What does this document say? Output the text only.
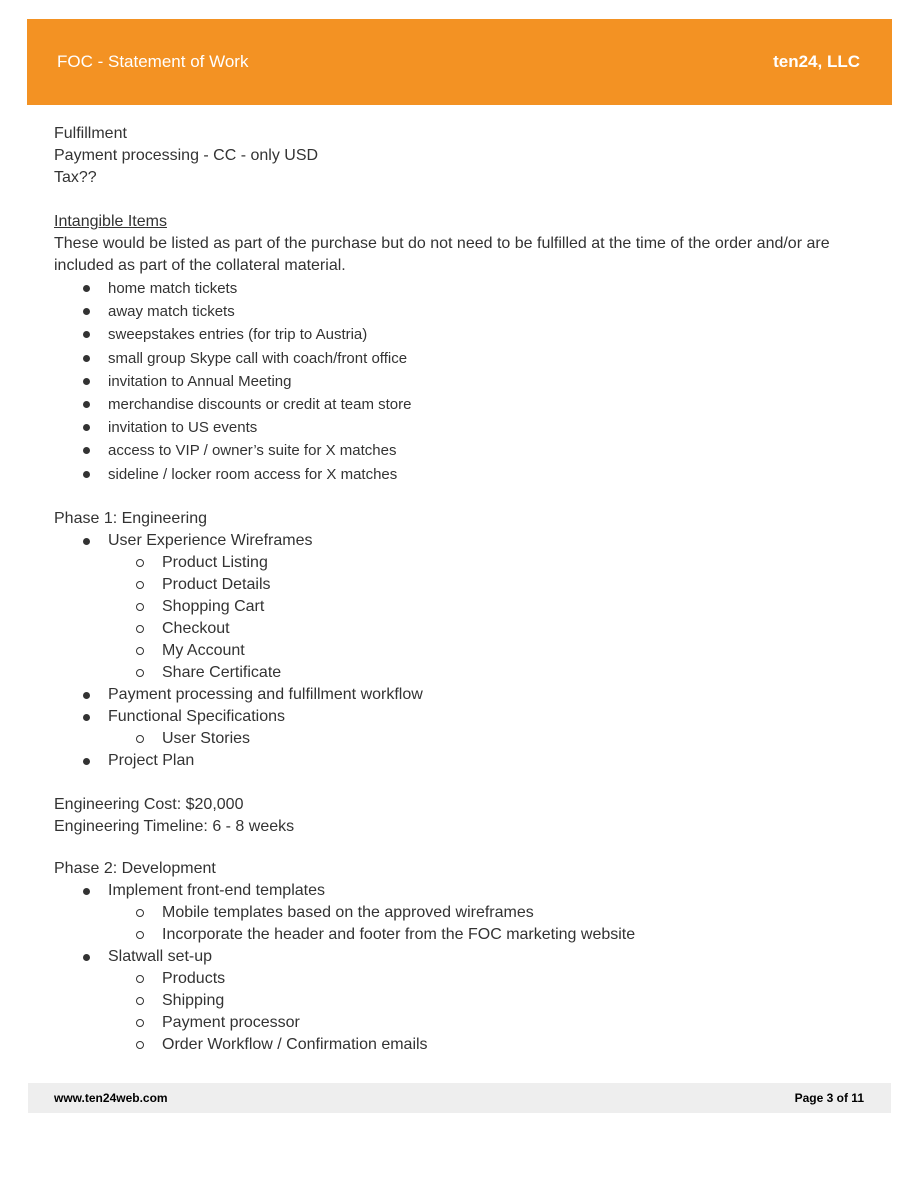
FOC - Statement of Work	ten24, LLC
Fulfillment
Payment processing - CC - only USD
Tax??
Intangible Items
These would be listed as part of the purchase but do not need to be fulfilled at the time of the order and/or are included as part of the collateral material.
home match tickets
away match tickets
sweepstakes entries (for trip to Austria)
small group Skype call with coach/front office
invitation to Annual Meeting
merchandise discounts or credit at team store
invitation to US events
access to VIP / owner’s suite for X matches
sideline / locker room access for X matches
Phase 1: Engineering
User Experience Wireframes
Product Listing
Product Details
Shopping Cart
Checkout
My Account
Share Certificate
Payment processing and fulfillment workflow
Functional Specifications
User Stories
Project Plan
Engineering Cost: $20,000
Engineering Timeline: 6 - 8 weeks
Phase 2: Development
Implement front-end templates
Mobile templates based on the approved wireframes
Incorporate the header and footer from the FOC marketing website
Slatwall set-up
Products
Shipping
Payment processor
Order Workflow / Confirmation emails
www.ten24web.com	Page 3 of 11
